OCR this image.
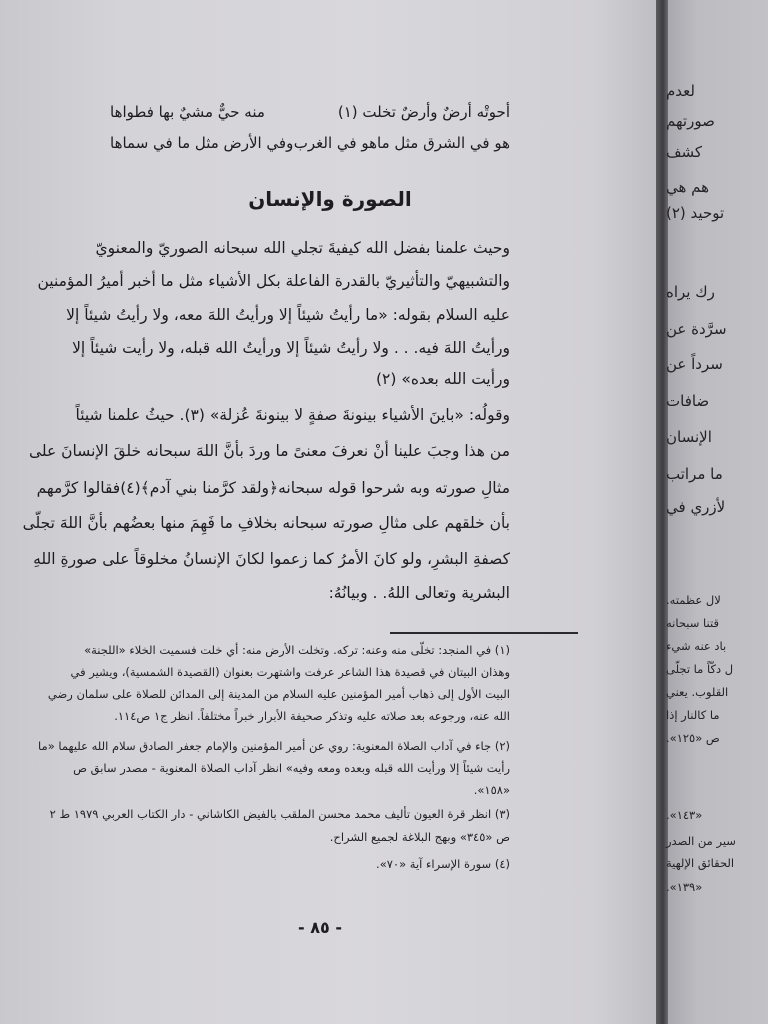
أحوتْه أرضٌ وأرضٌ تخلت (١)
منه حيٌّ مشيٌ بها فطواها
هو في الشرق مثل ماهو في الغرب
وفي الأرض مثل ما في سماها
الصورة والإنسان
وحيث علمنا بفضل الله كيفيةَ تجلي الله سبحانه الصوريّ والمعنويّ
والتشبيهيّ والتأثيريّ بالقدرة الفاعلة بكل الأشياء مثل ما أخبر أميرُ المؤمنين
عليه السلام بقوله: «ما رأيتُ شيئاً إلا ورأيتُ اللهَ معه، ولا رأيتُ شيئاً إلا
ورأيتُ اللهَ فيه. . . ولا رأيتُ شيئاً إلا ورأيتُ الله قبله، ولا رأيت شيئاً إلا
ورأيت الله بعده» (٢)
وقولُه: «باينَ الأشياء بينونةَ صفةٍ لا بينونةَ عُزلة» (٣). حيثُ علمنا شيئاً
من هذا وجبَ علينا أنْ نعرفَ معنىً ما وردَ بأنَّ اللهَ سبحانه خلقَ الإنسانَ على
مثالِ صورته وبه شرحوا قوله سبحانه﴿ولقد كرَّمنا بني آدم﴾(٤)فقالوا كرَّمهم
بأن خلقهم على مثالِ صورته سبحانه بخلافِ ما فَهِمَ منها بعضُهم بأنَّ اللهَ تجلّى
كصفةِ البشرِ، ولو كانَ الأمرُ كما زعموا لكانَ الإنسانُ مخلوقاً على صورةِ اللهِ
البشرية وتعالى اللهُ. . وبيانُهُ:
(١) في المنجد: تخلّى منه وعنه: تركه. وتخلت الأرض منه: أي خلت فسميت الخلاء «اللجنة»
وهذان البيتان في قصيدة هذا الشاعر عرفت واشتهرت بعنوان (القصيدة الشمسية)، ويشير في
البيت الأول إلى ذهاب أمير المؤمنين عليه السلام من المدينة إلى المدائن للصلاة على سلمان رضي
الله عنه، ورجوعه بعد صلاته عليه وتذكر صحيفة الأبرار خبراً مختلفاً. انظر ج١ ص١١٤.
(٢) جاء في آداب الصلاة المعنوية: روي عن أمير المؤمنين والإمام جعفر الصادق سلام الله عليهما «ما
رأيت شيئاً إلا ورأيت الله قبله وبعده ومعه وفيه» انظر آداب الصلاة المعنوية - مصدر سابق ص
«١٥٨».
(٣) انظر قرة العيون تأليف محمد محسن الملقب بالفيض الكاشاني - دار الكتاب العربي ١٩٧٩ ط ٢
ص «٣٤٥» وبهج البلاغة لجميع الشراح.
(٤) سورة الإسراء آية «٧٠».
- ٨٥ -
لعدم
صورتهم
كشف
هم هي
توحيد (٢)
رك يراه
سرَّدة عن
سرداً عن
ضافات
الإنسان
ما مراتب
لأزري في
لال عظمته.
قتنا سبحانه
باد عنه شيء
ل دكّاً ما تجلّى
القلوب. يعني
ما كالنار إذا
ص «١٢٥».
«١٤٣».
سير من الصدر
الحقائق الإلهية
«١٣٩».
